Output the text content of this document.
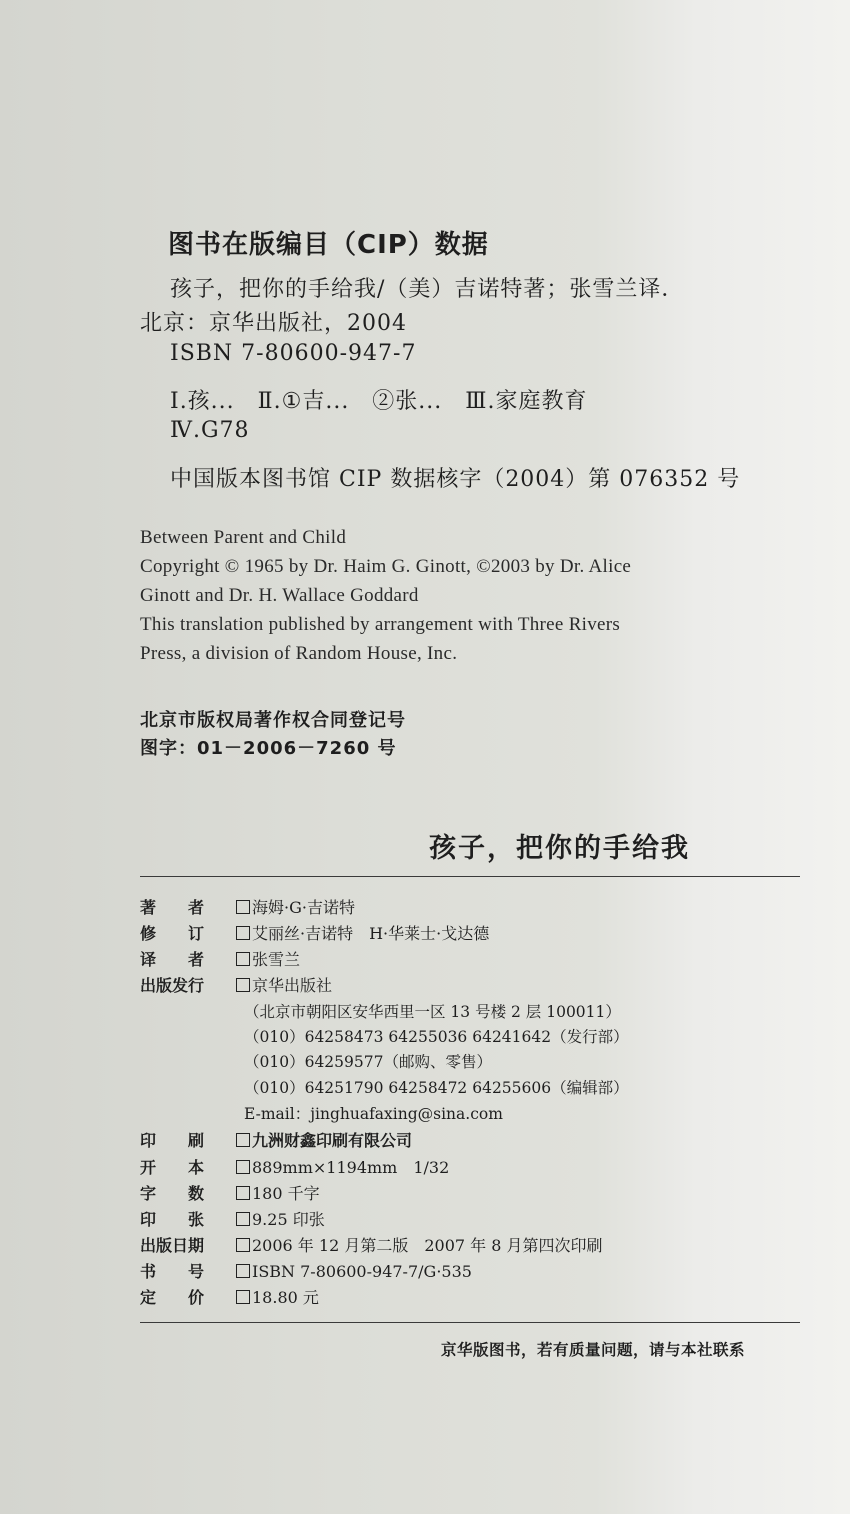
图书在版编目（CIP）数据
孩子，把你的手给我/（美）吉诺特著；张雪兰译．
北京：京华出版社，2004
ISBN 7-80600-947-7
Ⅰ.孩...　Ⅱ.①吉...　②张...　Ⅲ.家庭教育
Ⅳ.G78
中国版本图书馆 CIP 数据核字（2004）第 076352 号
Between Parent and Child
Copyright © 1965 by Dr. Haim G. Ginott, ©2003 by Dr. Alice
Ginott and Dr. H. Wallace Goddard
This translation published by arrangement with Three Rivers
Press, a division of Random House, Inc.
北京市版权局著作权合同登记号
图字：01－2006－7260 号
孩子，把你的手给我
著　　者	海姆·G·吉诺特
修　　订	艾丽丝·吉诺特　H·华莱士·戈达德
译　　者	张雪兰
出版发行	京华出版社
（北京市朝阳区安华西里一区 13 号楼 2 层 100011）
（010）64258473 64255036 64241642（发行部）
（010）64259577（邮购、零售）
（010）64251790 64258472 64255606（编辑部）
E-mail：jinghuafaxing@sina.com
印　　刷	九洲财鑫印刷有限公司
开　　本	889mm×1194mm　1/32
字　　数	180 千字
印　　张	9.25 印张
出版日期	2006 年 12 月第二版　2007 年 8 月第四次印刷
书　　号	ISBN 7-80600-947-7/G·535
定　　价	18.80 元
京华版图书，若有质量问题，请与本社联系
